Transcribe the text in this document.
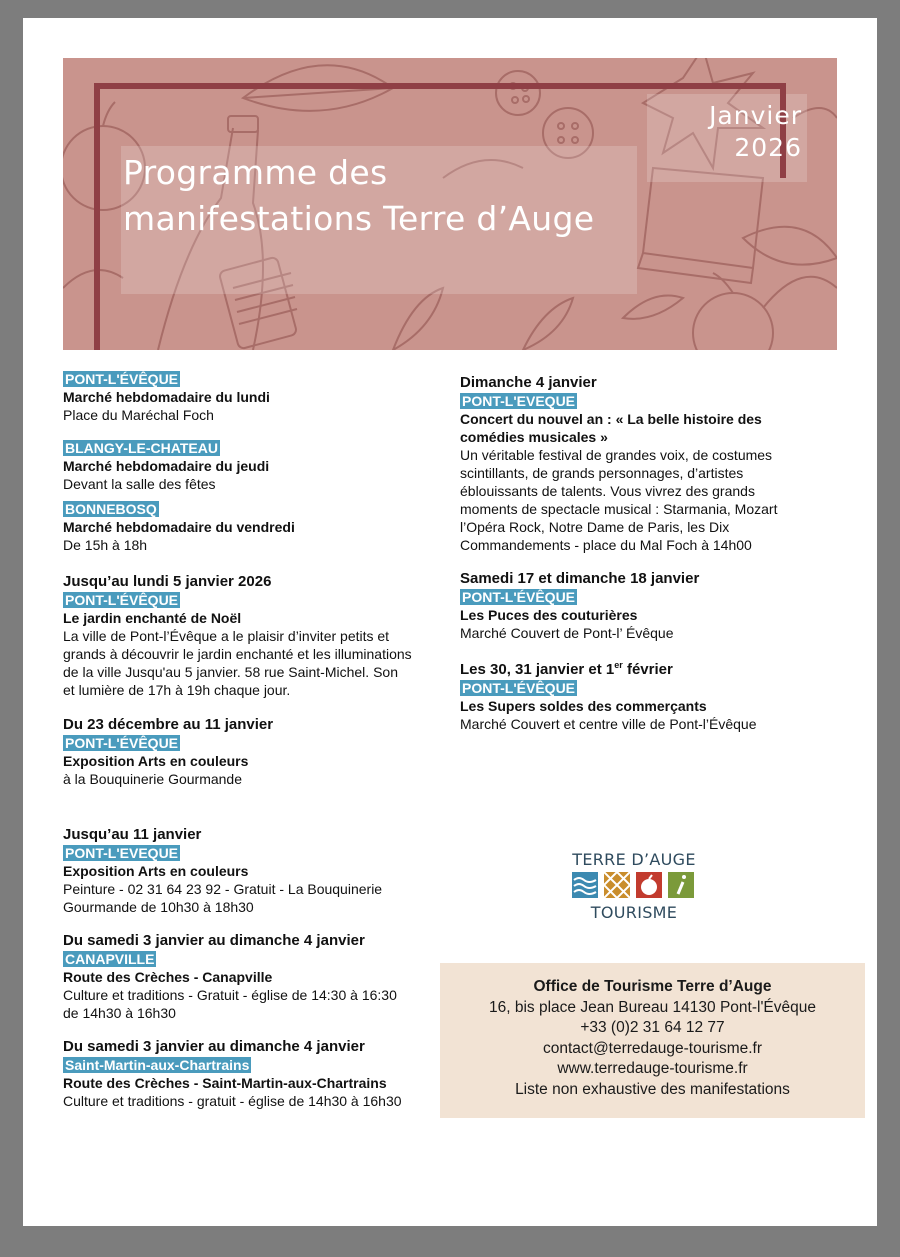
Programme des
manifestations Terre d’Auge
Janvier
2026
PONT-L'ÉVÊQUE
Marché hebdomadaire du lundi
Place du Maréchal Foch
BLANGY-LE-CHATEAU
Marché hebdomadaire du jeudi
Devant la salle des fêtes
BONNEBOSQ
Marché hebdomadaire du vendredi
De 15h à 18h
Jusqu’au lundi 5 janvier 2026
PONT-L'ÉVÊQUE
Le jardin enchanté de Noël
La ville de Pont-l’Évêque a le plaisir d’inviter petits et
grands à découvrir le jardin enchanté et les illuminations
de la ville Jusqu'au 5 janvier. 58 rue Saint-Michel. Son
et lumière de 17h à 19h chaque jour.
Du 23 décembre au 11 janvier
PONT-L'ÉVÊQUE
Exposition Arts en couleurs
à la Bouquinerie Gourmande
Jusqu’au 11 janvier
PONT-L'EVEQUE
Exposition Arts en couleurs
Peinture - 02 31 64 23 92 - Gratuit - La Bouquinerie
Gourmande de 10h30 à 18h30
Du samedi 3 janvier au dimanche 4 janvier
CANAPVILLE
Route des Crèches - Canapville
Culture et traditions - Gratuit - église de 14:30 à 16:30
de 14h30 à 16h30
Du samedi 3 janvier au dimanche 4 janvier
Saint-Martin-aux-Chartrains
Route des Crèches - Saint-Martin-aux-Chartrains
Culture et traditions - gratuit - église de 14h30 à 16h30
Dimanche 4 janvier
PONT-L'EVEQUE
Concert du nouvel an : « La belle histoire des
comédies musicales »
Un véritable festival de grandes voix, de costumes
scintillants, de grands personnages, d’artistes
éblouissants de talents. Vous vivrez des grands
moments de spectacle musical : Starmania, Mozart
l’Opéra Rock, Notre Dame de Paris, les Dix
Commandements - place du Mal Foch à 14h00
Samedi 17 et dimanche 18 janvier
PONT-L'ÉVÊQUE
Les Puces des couturières
Marché Couvert de Pont-l’ Évêque
Les 30, 31 janvier et 1er février
PONT-L'ÉVÊQUE
Les Supers soldes des commerçants
Marché Couvert et centre ville de Pont-l’Évêque
TERRE D’AUGE
TOURISME
Office de Tourisme Terre d’Auge
16, bis place Jean Bureau 14130 Pont-l'Évêque
+33 (0)2 31 64 12 77
contact@terredauge-tourisme.fr
www.terredauge-tourisme.fr
Liste non exhaustive des manifestations
